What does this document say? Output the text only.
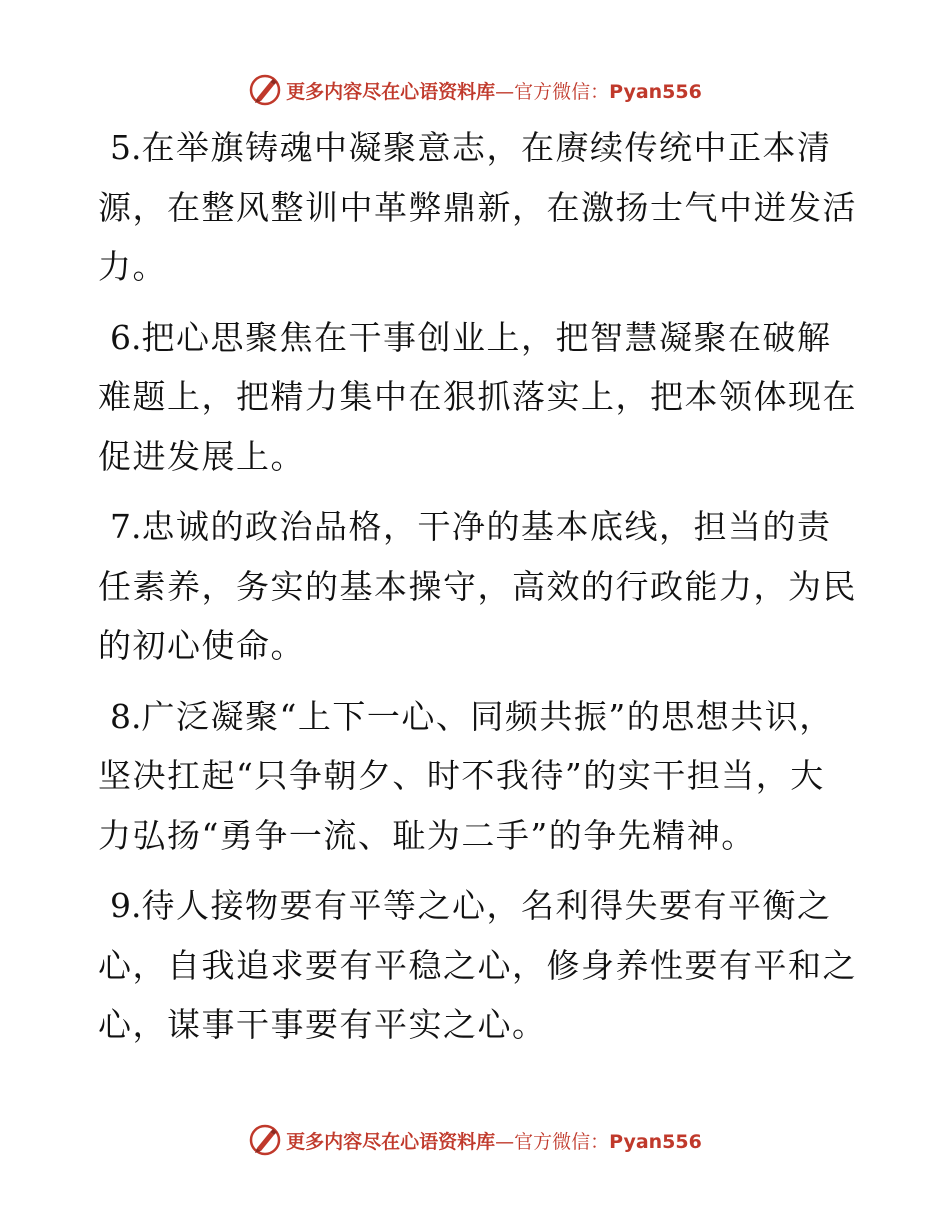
更多内容尽在心语资料库—官方微信：Pyan556

5.在举旗铸魂中凝聚意志，在赓续传统中正本清源，在整风整训中革弊鼎新，在激扬士气中迸发活力。

6.把心思聚焦在干事创业上，把智慧凝聚在破解难题上，把精力集中在狠抓落实上，把本领体现在促进发展上。

7.忠诚的政治品格，干净的基本底线，担当的责任素养，务实的基本操守，高效的行政能力，为民的初心使命。

8.广泛凝聚“上下一心、同频共振”的思想共识，坚决扛起“只争朝夕、时不我待”的实干担当，大力弘扬“勇争一流、耻为二手”的争先精神。

9.待人接物要有平等之心，名利得失要有平衡之心，自我追求要有平稳之心，修身养性要有平和之心，谋事干事要有平实之心。

更多内容尽在心语资料库—官方微信：Pyan556
